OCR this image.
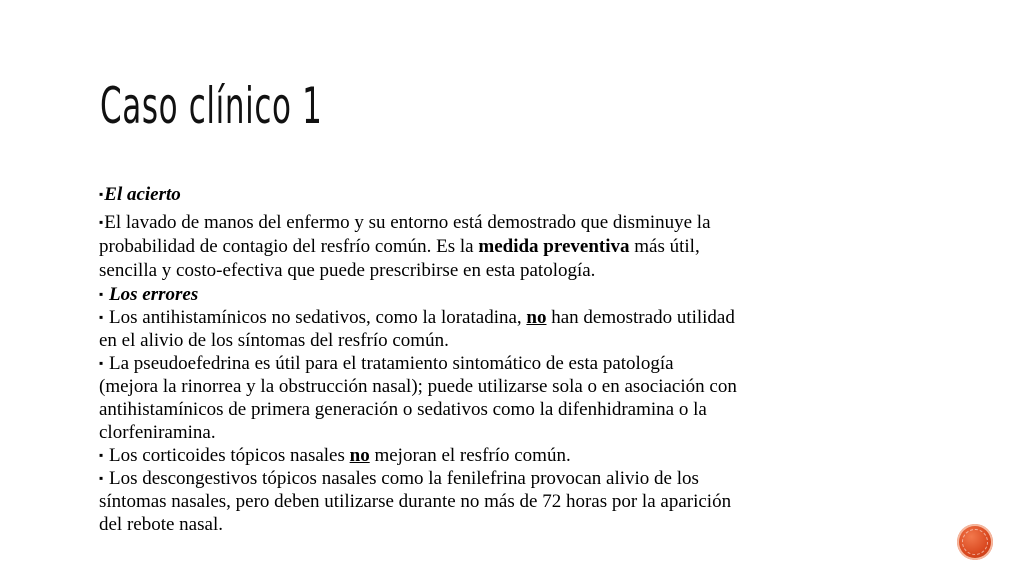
Caso clínico 1

▪El acierto

▪El lavado de manos del enfermo y su entorno está demostrado que disminuye la

probabilidad de contagio del resfrío común. Es la medida preventiva más útil,

sencilla y costo-efectiva que puede prescribirse en esta patología.

▪ Los errores

▪ Los antihistamínicos no sedativos, como la loratadina, no han demostrado utilidad

en el alivio de los síntomas del resfrío común.

▪ La pseudoefedrina es útil para el tratamiento sintomático de esta patología

(mejora la rinorrea y la obstrucción nasal); puede utilizarse sola o en asociación con

antihistamínicos de primera generación o sedativos como la difenhidramina o la

clorfeniramina.

▪ Los corticoides tópicos nasales no mejoran el resfrío común.

▪ Los descongestivos tópicos nasales como la fenilefrina provocan alivio de los

síntomas nasales, pero deben utilizarse durante no más de 72 horas por la aparición

del rebote nasal.
